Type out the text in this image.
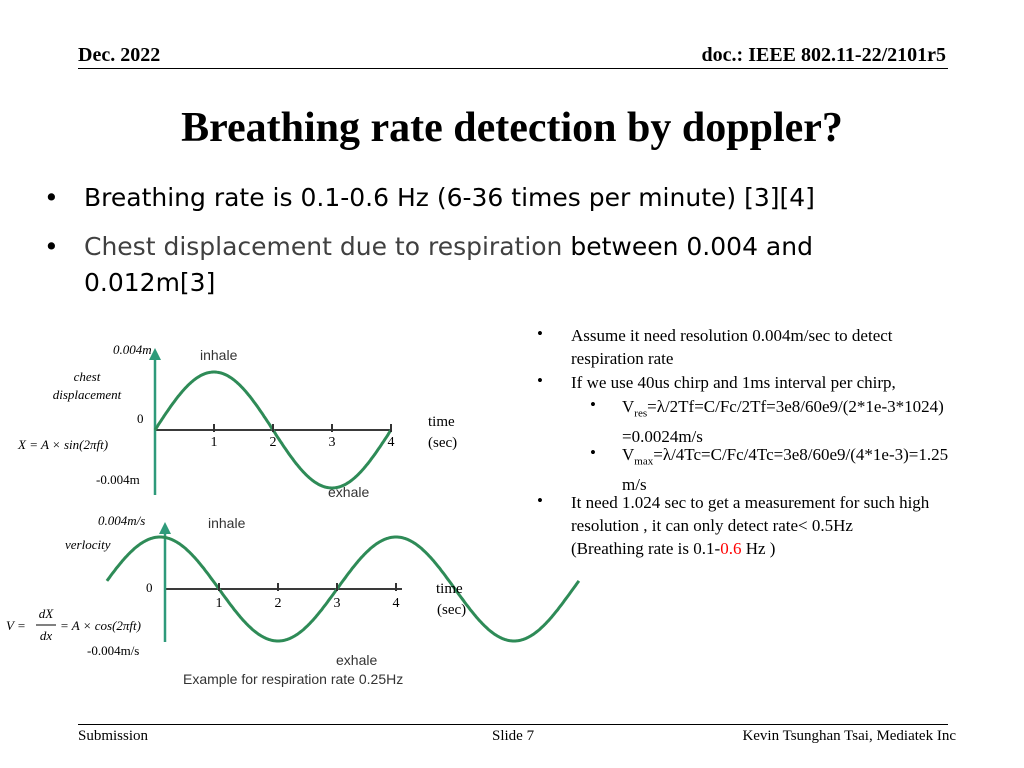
Dec. 2022	doc.: IEEE 802.11-22/2101r5
Breathing rate detection by doppler?
• Breathing rate is 0.1-0.6 Hz (6-36 times per minute) [3][4]
• Chest displacement due to respiration between 0.004 and 0.012m[3]
• Assume it need resolution 0.004m/sec to detect respiration rate
• If we use 40us chirp and 1ms interval per chirp,
• $V_{res}=\lambda/2Tf=C/Fc/2Tf=3e8/60e9/(2*1e-3*1024)=0.0024m/s$
• $V_{max}=\lambda/4Tc=C/Fc/4Tc=3e8/60e9/(4*1e-3)=1.25m/s$
• It need 1.024 sec to get a measurement for such high resolution , it can only detect rate< 0.5Hz
(Breathing rate is 0.1-0.6 Hz )
1	2	3	4
0.004m	inhale
chest
displacement
0
X = A × sin(2πft)
time
(sec)
-0.004m
exhale
1	2	3	4
0.004m/s	inhale
verlocity
0	time
(sec)
V =
dX
dx
= A × cos(2πft)
-0.004m/s
exhale
Example for respiration rate 0.25Hz
Submission	Slide 7	Kevin Tsunghan Tsai, Mediatek Inc
